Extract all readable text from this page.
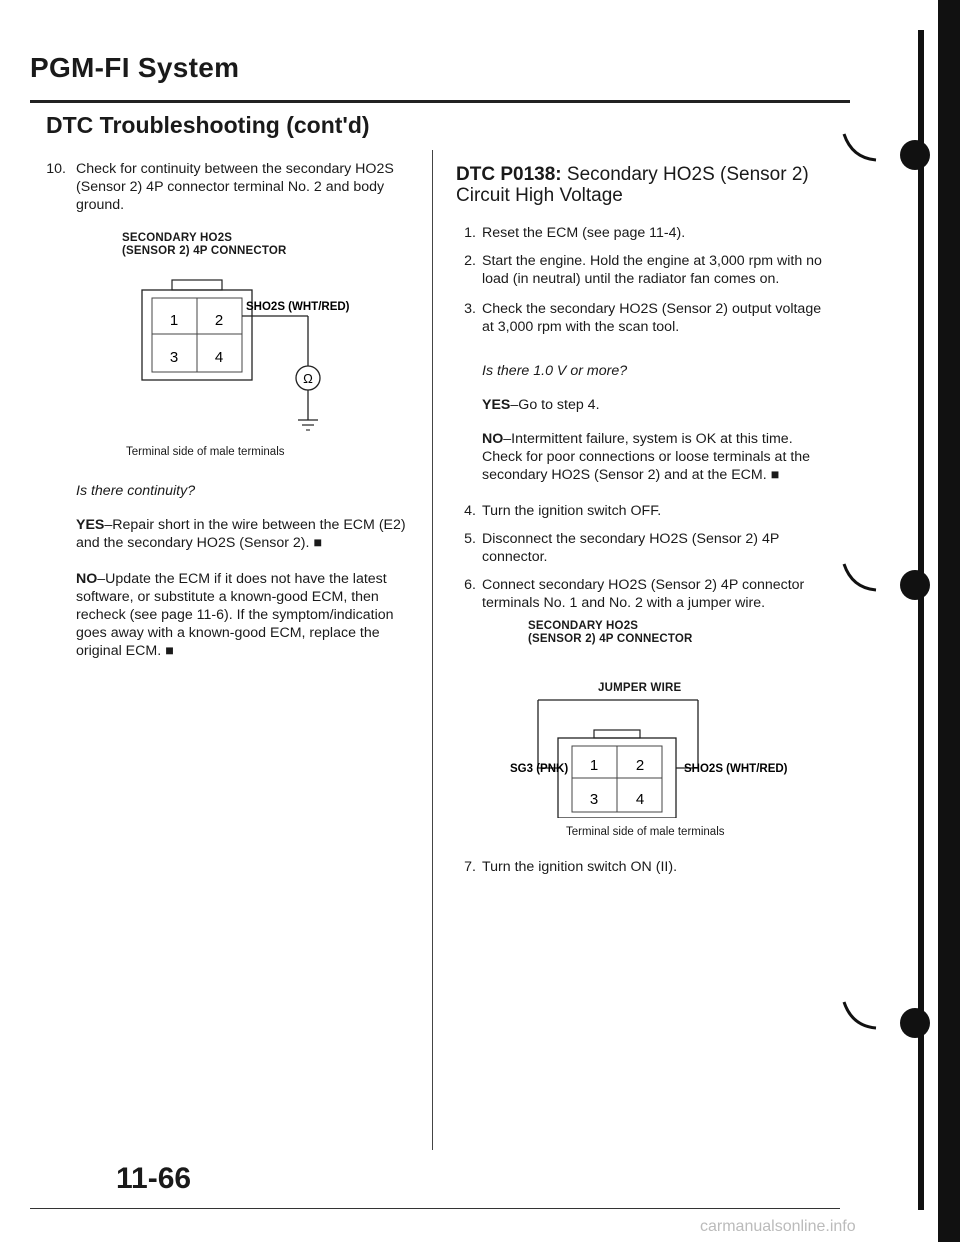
PGM-FI System
DTC Troubleshooting (cont'd)
10. Check for continuity between the secondary HO2S (Sensor 2) 4P connector terminal No. 2 and body ground.
SECONDARY HO2S
(SENSOR 2) 4P CONNECTOR
1 2
3 4
SHO2S (WHT/RED)
Ω
Terminal side of male terminals
Is there continuity?
YES–Repair short in the wire between the ECM (E2) and the secondary HO2S (Sensor 2). ■
NO–Update the ECM if it does not have the latest software, or substitute a known-good ECM, then recheck (see page 11-6). If the symptom/indication goes away with a known-good ECM, replace the original ECM. ■
DTC P0138: Secondary HO2S (Sensor 2)
Circuit High Voltage
1. Reset the ECM (see page 11-4).
2. Start the engine. Hold the engine at 3,000 rpm with no load (in neutral) until the radiator fan comes on.
3. Check the secondary HO2S (Sensor 2) output voltage at 3,000 rpm with the scan tool.
Is there 1.0 V or more?
YES–Go to step 4.
NO–Intermittent failure, system is OK at this time. Check for poor connections or loose terminals at the secondary HO2S (Sensor 2) and at the ECM. ■
4. Turn the ignition switch OFF.
5. Disconnect the secondary HO2S (Sensor 2) 4P connector.
6. Connect secondary HO2S (Sensor 2) 4P connector terminals No. 1 and No. 2 with a jumper wire.
SECONDARY HO2S
(SENSOR 2) 4P CONNECTOR
JUMPER WIRE
1	2
3	4
SG3 (PNK)	SHO2S (WHT/RED)
Terminal side of male terminals
7. Turn the ignition switch ON (II).
11-66
carmanualsonline.info
